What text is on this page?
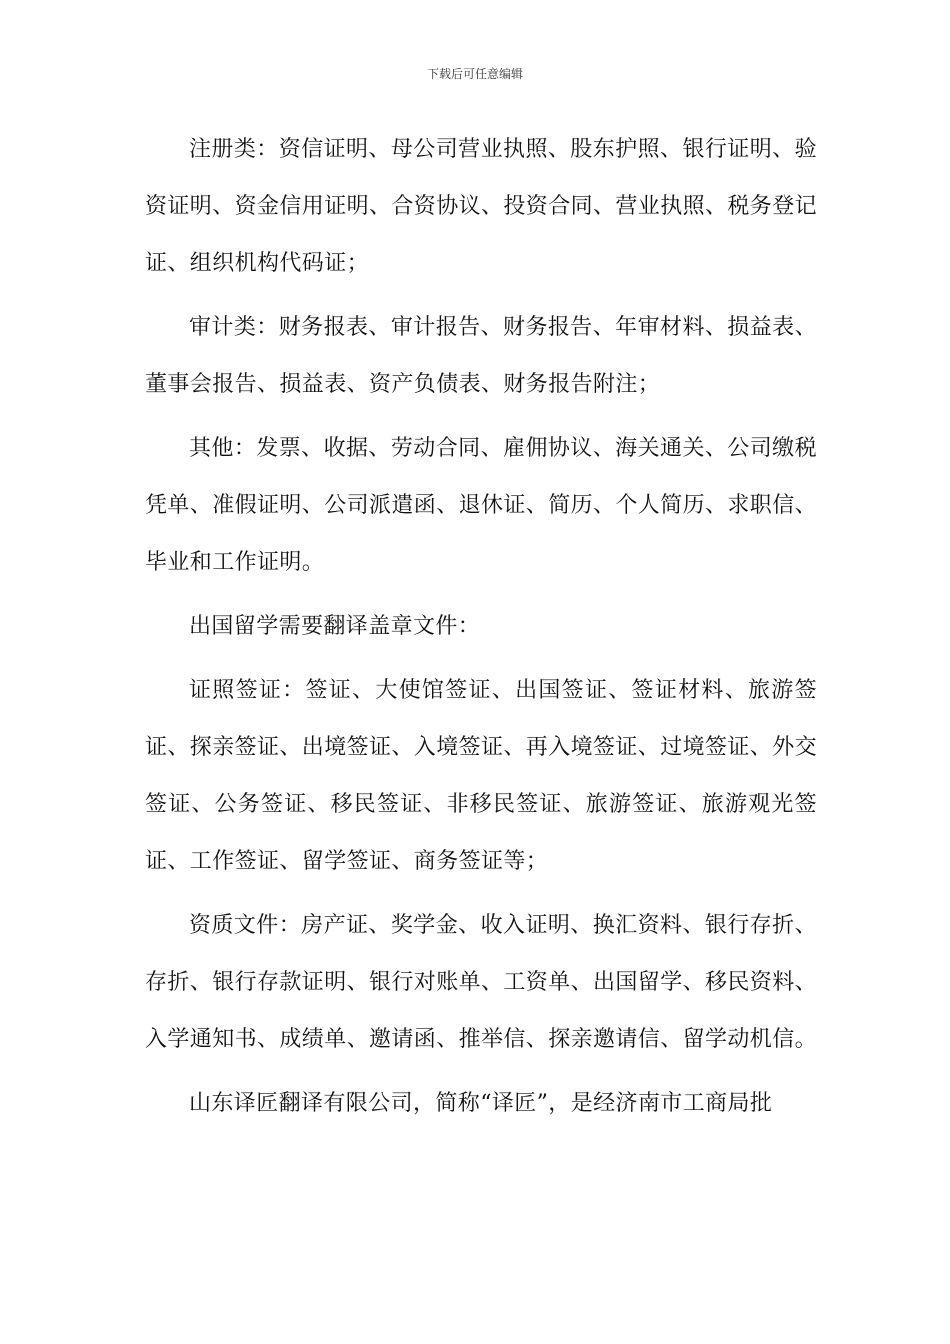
下载后可任意编辑

注册类：资信证明、母公司营业执照、股东护照、银行证明、验资证明、资金信用证明、合资协议、投资合同、营业执照、税务登记证、组织机构代码证；

审计类：财务报表、审计报告、财务报告、年审材料、损益表、董事会报告、损益表、资产负债表、财务报告附注；

其他：发票、收据、劳动合同、雇佣协议、海关通关、公司缴税凭单、准假证明、公司派遣函、退休证、简历、个人简历、求职信、毕业和工作证明。

出国留学需要翻译盖章文件：

证照签证：签证、大使馆签证、出国签证、签证材料、旅游签证、探亲签证、出境签证、入境签证、再入境签证、过境签证、外交签证、公务签证、移民签证、非移民签证、旅游签证、旅游观光签证、工作签证、留学签证、商务签证等；

资质文件：房产证、奖学金、收入证明、换汇资料、银行存折、存折、银行存款证明、银行对账单、工资单、出国留学、移民资料、入学通知书、成绩单、邀请函、推举信、探亲邀请信、留学动机信。

山东译匠翻译有限公司，简称“译匠”，是经济南市工商局批
